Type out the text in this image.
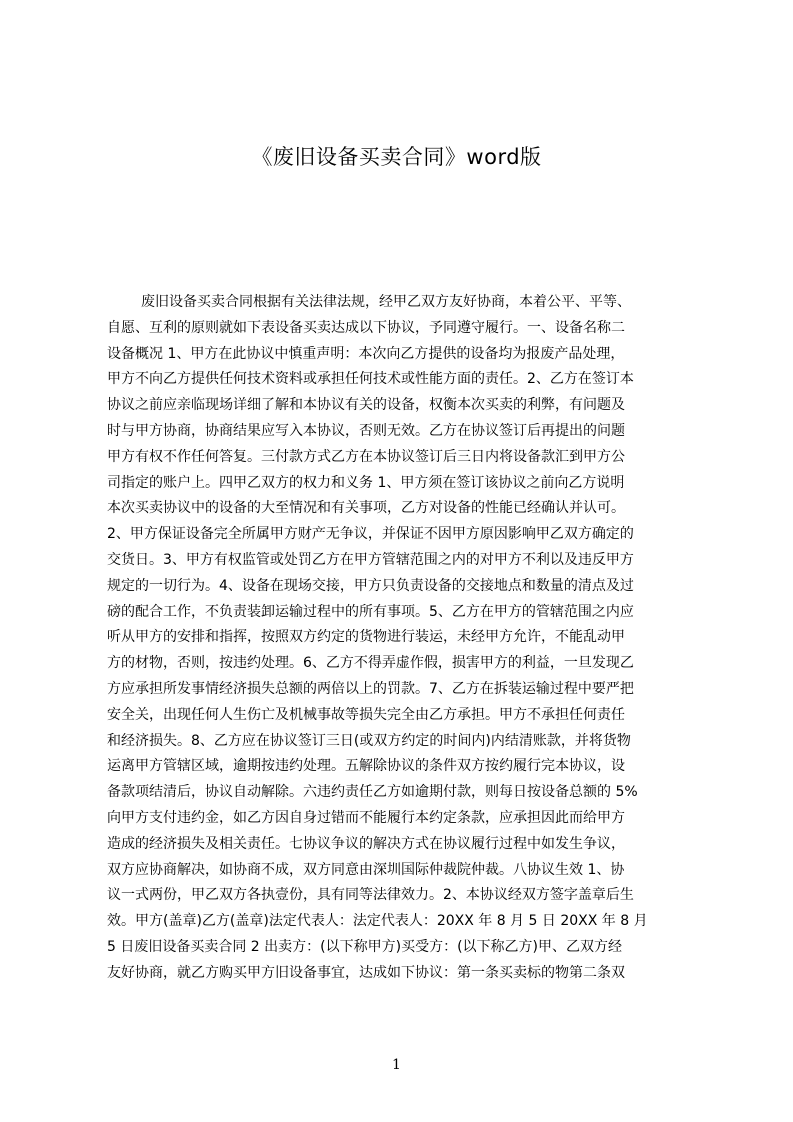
《废旧设备买卖合同》word版
废旧设备买卖合同根据有关法律法规，经甲乙双方友好协商，本着公平、平等、
自愿、互利的原则就如下表设备买卖达成以下协议，予同遵守履行。一、设备名称二
设备概况 1、甲方在此协议中慎重声明：本次向乙方提供的设备均为报废产品处理，
甲方不向乙方提供任何技术资料或承担任何技术或性能方面的责任。2、乙方在签订本
协议之前应亲临现场详细了解和本协议有关的设备，权衡本次买卖的利弊，有问题及
时与甲方协商，协商结果应写入本协议，否则无效。乙方在协议签订后再提出的问题
甲方有权不作任何答复。三付款方式乙方在本协议签订后三日内将设备款汇到甲方公
司指定的账户上。四甲乙双方的权力和义务 1、甲方须在签订该协议之前向乙方说明
本次买卖协议中的设备的大至情况和有关事项，乙方对设备的性能已经确认并认可。
2、甲方保证设备完全所属甲方财产无争议，并保证不因甲方原因影响甲乙双方确定的
交货日。3、甲方有权监管或处罚乙方在甲方管辖范围之内的对甲方不利以及违反甲方
规定的一切行为。4、设备在现场交接，甲方只负责设备的交接地点和数量的清点及过
磅的配合工作，不负责装卸运输过程中的所有事项。5、乙方在甲方的管辖范围之内应
听从甲方的安排和指挥，按照双方约定的货物进行装运，未经甲方允许，不能乱动甲
方的材物，否则，按违约处理。6、乙方不得弄虚作假，损害甲方的利益，一旦发现乙
方应承担所发事情经济损失总额的两倍以上的罚款。7、乙方在拆装运输过程中要严把
安全关，出现任何人生伤亡及机械事故等损失完全由乙方承担。甲方不承担任何责任
和经济损失。8、乙方应在协议签订三日(或双方约定的时间内)内结清账款，并将货物
运离甲方管辖区域，逾期按违约处理。五解除协议的条件双方按约履行完本协议，设
备款项结清后，协议自动解除。六违约责任乙方如逾期付款，则每日按设备总额的 5%
向甲方支付违约金，如乙方因自身过错而不能履行本约定条款，应承担因此而给甲方
造成的经济损失及相关责任。七协议争议的解决方式在协议履行过程中如发生争议，
双方应协商解决，如协商不成，双方同意由深圳国际仲裁院仲裁。八协议生效 1、协
议一式两份，甲乙双方各执壹份，具有同等法律效力。2、本协议经双方签字盖章后生
效。甲方(盖章)乙方(盖章)法定代表人：法定代表人：20XX 年 8 月 5 日 20XX 年 8 月
5 日废旧设备买卖合同 2 出卖方：(以下称甲方)买受方：(以下称乙方)甲、乙双方经
友好协商，就乙方购买甲方旧设备事宜，达成如下协议：第一条买卖标的物第二条双
1
